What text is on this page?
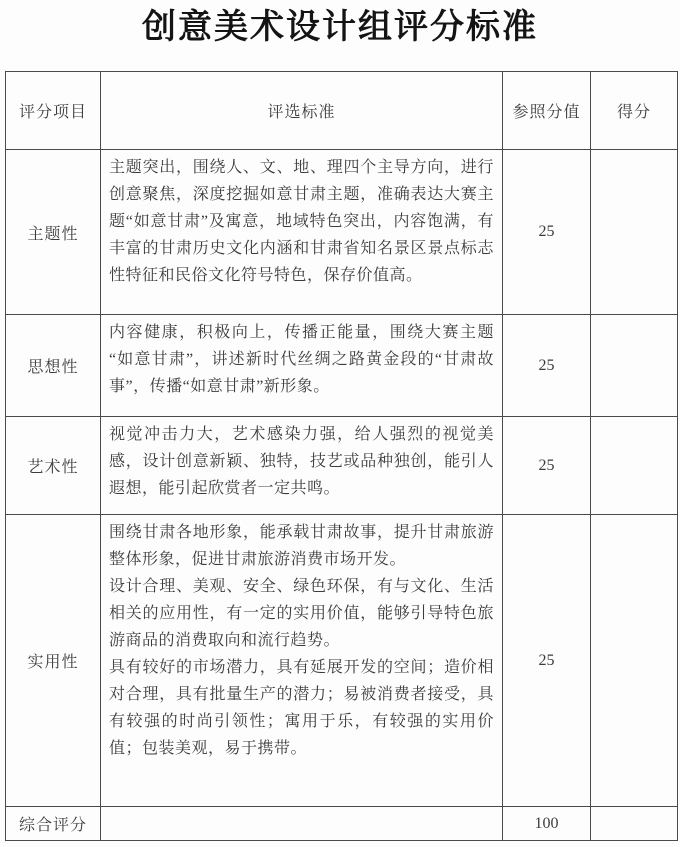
创意美术设计组评分标准
评分项目	评选标准	参照分值	得分
主题性	主题突出，围绕人、文、地、理四个主导方向，进行创意聚焦，深度挖掘如意甘肃主题，准确表达大赛主题“如意甘肃”及寓意，地域特色突出，内容饱满，有丰富的甘肃历史文化内涵和甘肃省知名景区景点标志性特征和民俗文化符号特色，保存价值高。	25	
思想性	内容健康，积极向上，传播正能量，围绕大赛主题“如意甘肃”，讲述新时代丝绸之路黄金段的“甘肃故事”，传播“如意甘肃”新形象。	25	
艺术性	视觉冲击力大，艺术感染力强，给人强烈的视觉美感，设计创意新颖、独特，技艺或品种独创，能引人遐想，能引起欣赏者一定共鸣。	25	
实用性	围绕甘肃各地形象，能承载甘肃故事，提升甘肃旅游整体形象，促进甘肃旅游消费市场开发。

设计合理、美观、安全、绿色环保，有与文化、生活相关的应用性，有一定的实用价值，能够引导特色旅游商品的消费取向和流行趋势。

具有较好的市场潜力，具有延展开发的空间；造价相对合理，具有批量生产的潜力；易被消费者接受，具有较强的时尚引领性；寓用于乐，有较强的实用价值；包装美观，易于携带。	25	
综合评分		100	
